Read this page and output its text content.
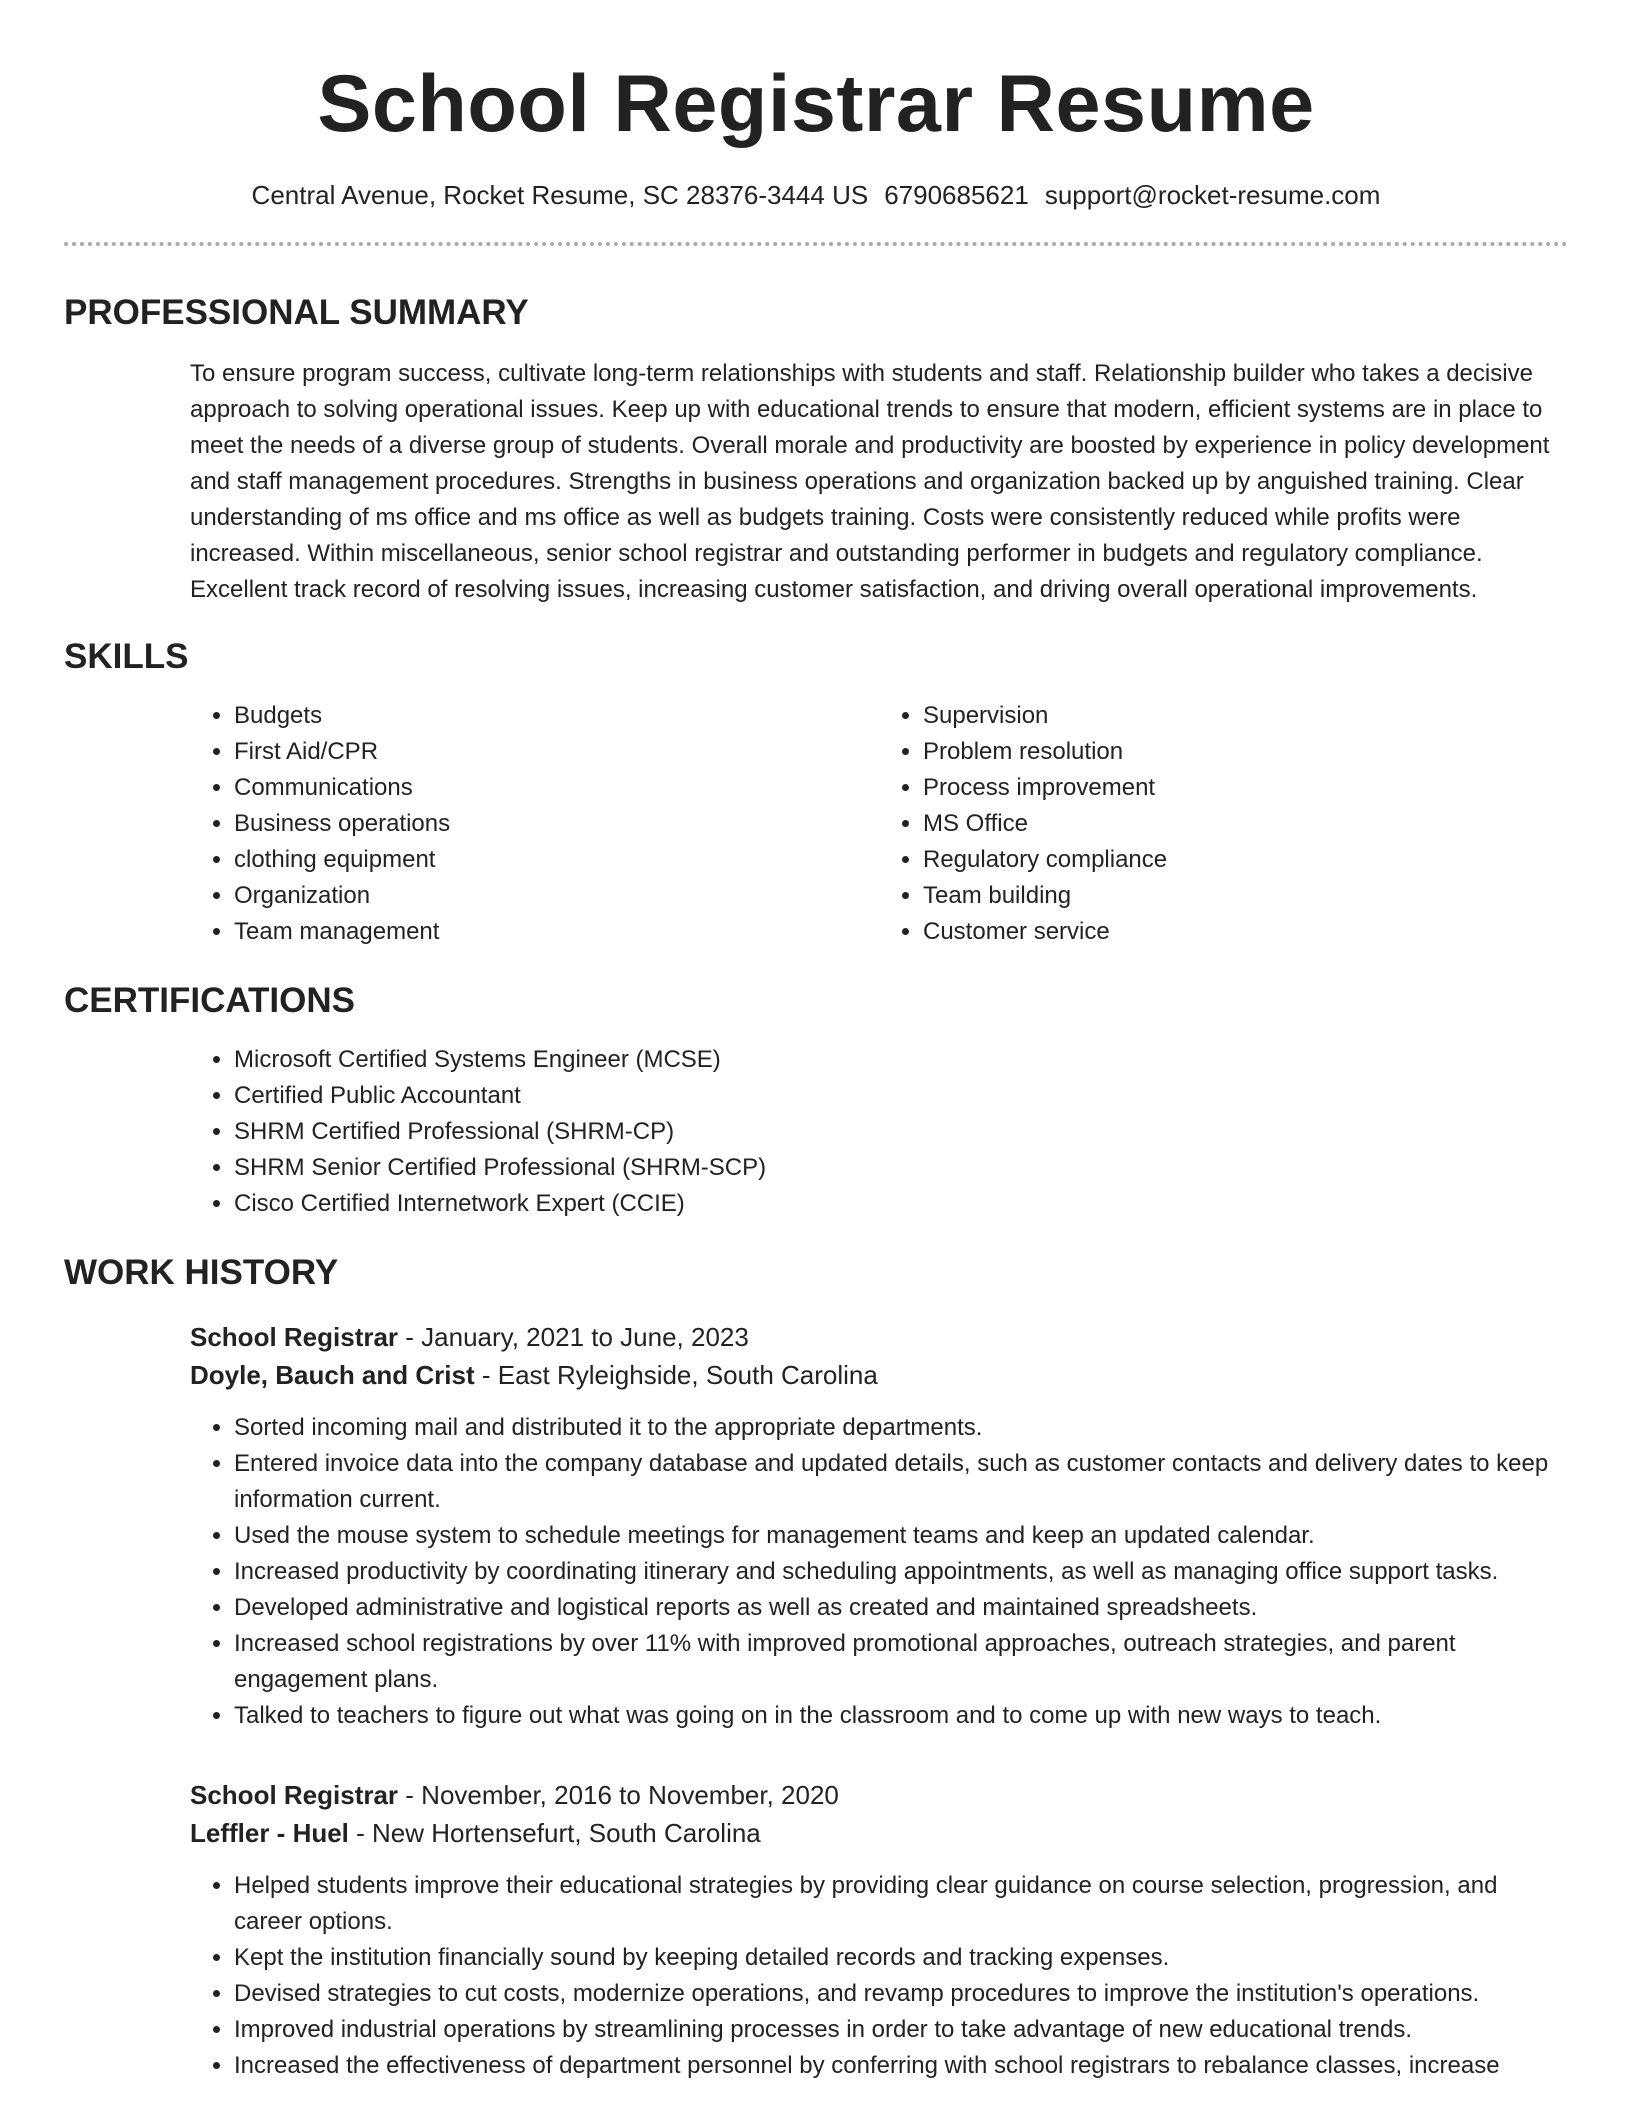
School Registrar Resume
Central Avenue, Rocket Resume, SC 28376-3444 US 6790685621 support@rocket-resume.com
PROFESSIONAL SUMMARY

To ensure program success, cultivate long-term relationships with students and staff. Relationship builder who takes a decisive approach to solving operational issues. Keep up with educational trends to ensure that modern, efficient systems are in place to meet the needs of a diverse group of students. Overall morale and productivity are boosted by experience in policy development and staff management procedures. Strengths in business operations and organization backed up by anguished training. Clear understanding of ms office and ms office as well as budgets training. Costs were consistently reduced while profits were increased. Within miscellaneous, senior school registrar and outstanding performer in budgets and regulatory compliance. Excellent track record of resolving issues, increasing customer satisfaction, and driving overall operational improvements.

SKILLS
• Budgets
• First Aid/CPR
• Communications
• Business operations
• clothing equipment
• Organization
• Team management
• Supervision
• Problem resolution
• Process improvement
• MS Office
• Regulatory compliance
• Team building
• Customer service
CERTIFICATIONS
• Microsoft Certified Systems Engineer (MCSE)
• Certified Public Accountant
• SHRM Certified Professional (SHRM-CP)
• SHRM Senior Certified Professional (SHRM-SCP)
• Cisco Certified Internetwork Expert (CCIE)
WORK HISTORY
School Registrar - January, 2021 to June, 2023
Doyle, Bauch and Crist - East Ryleighside, South Carolina
• Sorted incoming mail and distributed it to the appropriate departments.
• Entered invoice data into the company database and updated details, such as customer contacts and delivery dates to keep information current.
• Used the mouse system to schedule meetings for management teams and keep an updated calendar.
• Increased productivity by coordinating itinerary and scheduling appointments, as well as managing office support tasks.
• Developed administrative and logistical reports as well as created and maintained spreadsheets.
• Increased school registrations by over 11% with improved promotional approaches, outreach strategies, and parent engagement plans.
• Talked to teachers to figure out what was going on in the classroom and to come up with new ways to teach.
School Registrar - November, 2016 to November, 2020
Leffler - Huel - New Hortensefurt, South Carolina
• Helped students improve their educational strategies by providing clear guidance on course selection, progression, and career options.
• Kept the institution financially sound by keeping detailed records and tracking expenses.
• Devised strategies to cut costs, modernize operations, and revamp procedures to improve the institution's operations.
• Improved industrial operations by streamlining processes in order to take advantage of new educational trends.
• Increased the effectiveness of department personnel by conferring with school registrars to rebalance classes, increase
